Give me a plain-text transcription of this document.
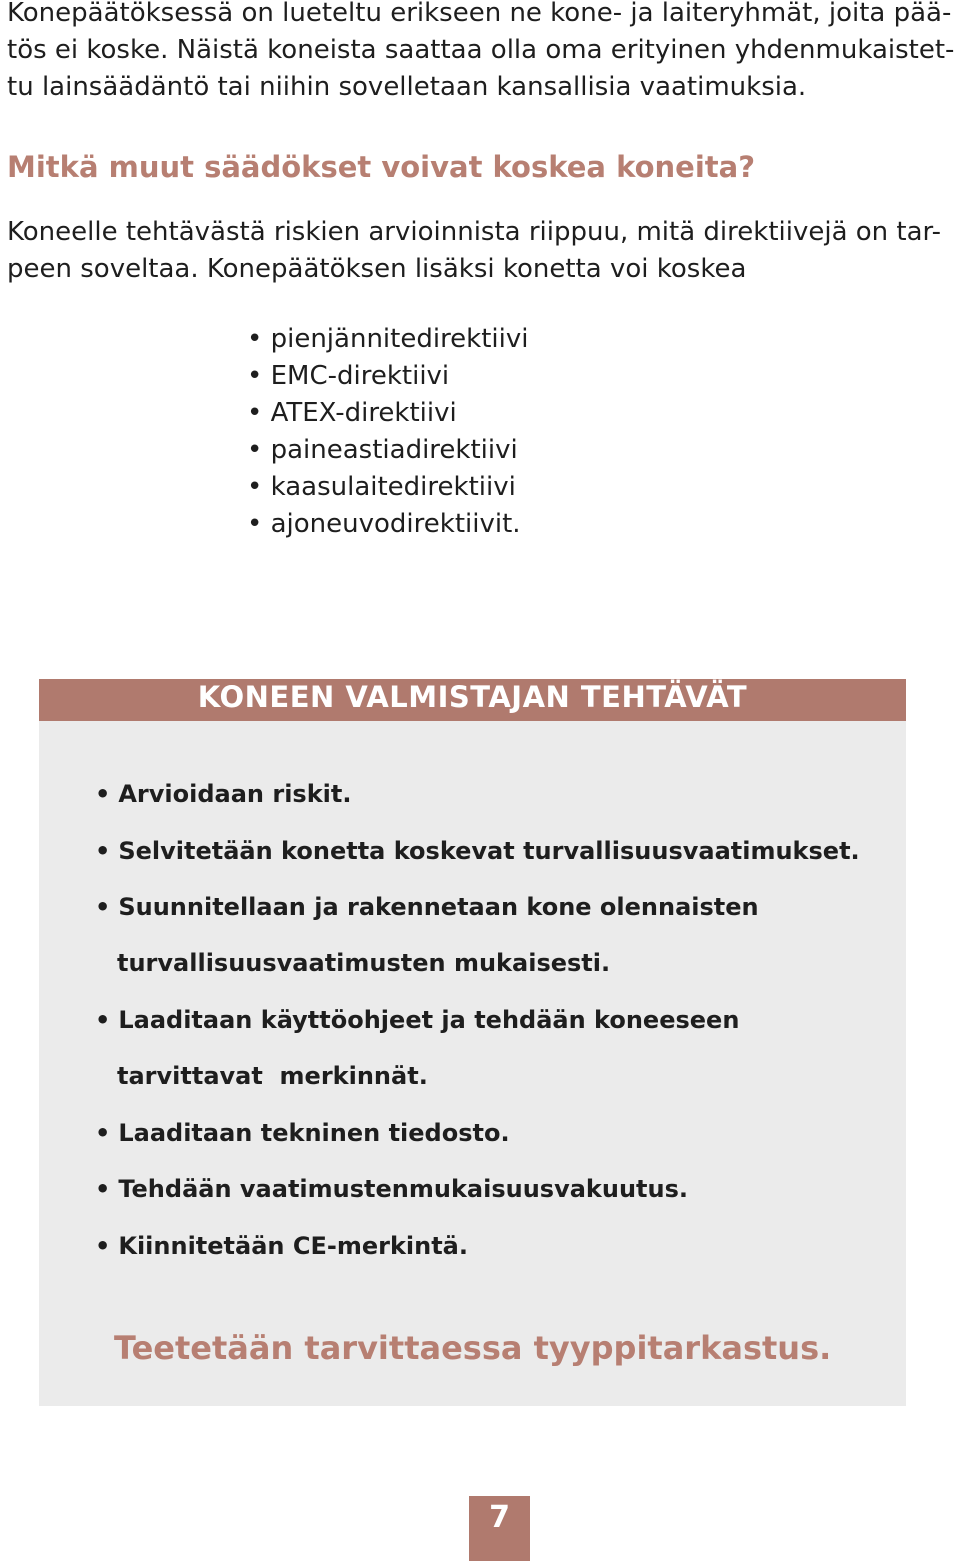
Konepäätöksessä on lueteltu erikseen ne kone- ja laiteryhmät, joita pää-
tös ei koske. Näistä koneista saattaa olla oma erityinen yhdenmukaistet-
tu lainsäädäntö tai niihin sovelletaan kansallisia vaatimuksia.

Mitkä muut säädökset voivat koskea koneita?

Koneelle tehtävästä riskien arvioinnista riippuu, mitä direktiivejä on tar-
peen soveltaa. Konepäätöksen lisäksi konetta voi koskea

• pienjännitedirektiivi
• EMC-direktiivi
• ATEX-direktiivi
• paineastiadirektiivi
• kaasulaitedirektiivi
• ajoneuvodirektiivit.
KONEEN VALMISTAJAN TEHTÄVÄT

• Arvioidaan riskit.

• Selvitetään konetta koskevat turvallisuusvaatimukset.

• Suunnitellaan ja rakennetaan kone olennaisten

turvallisuusvaatimusten mukaisesti.

• Laaditaan käyttöohjeet ja tehdään koneeseen

tarvittavat  merkinnät.

• Laaditaan tekninen tiedosto.

• Tehdään vaatimustenmukaisuusvakuutus.

• Kiinnitetään CE-merkintä.

Teetetään tarvittaessa tyyppitarkastus.

7
